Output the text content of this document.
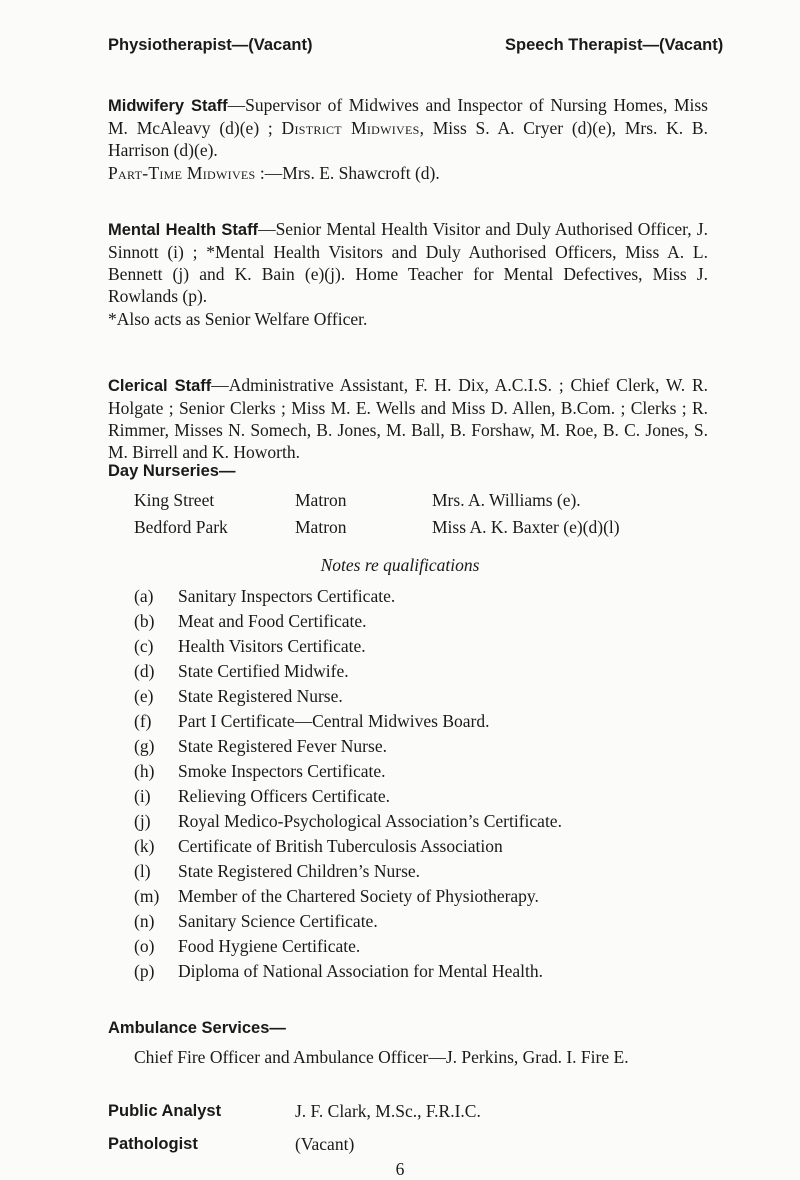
Physiotherapist—(Vacant)	Speech Therapist—(Vacant)

Midwifery Staff—Supervisor of Midwives and Inspector of Nursing Homes, Miss M. McAleavy (d)(e) ; District Midwives, Miss S. A. Cryer (d)(e), Mrs. K. B. Harrison (d)(e).

Part-Time Midwives :—Mrs. E. Shawcroft (d).

Mental Health Staff—Senior Mental Health Visitor and Duly Authorised Officer, J. Sinnott (i) ; *Mental Health Visitors and Duly Authorised Officers, Miss A. L. Bennett (j) and K. Bain (e)(j). Home Teacher for Mental Defectives, Miss J. Rowlands (p).

*Also acts as Senior Welfare Officer.

Clerical Staff—Administrative Assistant, F. H. Dix, A.C.I.S. ; Chief Clerk, W. R. Holgate ; Senior Clerks ; Miss M. E. Wells and Miss D. Allen, B.Com. ; Clerks ; R. Rimmer, Misses N. Somech, B. Jones, M. Ball, B. Forshaw, M. Roe, B. C. Jones, S. M. Birrell and K. Howorth.

Day Nurseries—
King Street	Matron	Mrs. A. Williams (e).
Bedford Park	Matron	Miss A. K. Baxter (e)(d)(l)
Notes re qualifications
(a) Sanitary Inspectors Certificate.
(b) Meat and Food Certificate.
(c) Health Visitors Certificate.
(d) State Certified Midwife.
(e) State Registered Nurse.
(f) Part I Certificate—Central Midwives Board.
(g) State Registered Fever Nurse.
(h) Smoke Inspectors Certificate.
(i) Relieving Officers Certificate.
(j) Royal Medico-Psychological Association’s Certificate.
(k) Certificate of British Tuberculosis Association
(l) State Registered Children’s Nurse.
(m) Member of the Chartered Society of Physiotherapy.
(n) Sanitary Science Certificate.
(o) Food Hygiene Certificate.
(p) Diploma of National Association for Mental Health.
Ambulance Services—
Chief Fire Officer and Ambulance Officer—J. Perkins, Grad. I. Fire E.
Public Analyst	J. F. Clark, M.Sc., F.R.I.C.
Pathologist	(Vacant)
6
